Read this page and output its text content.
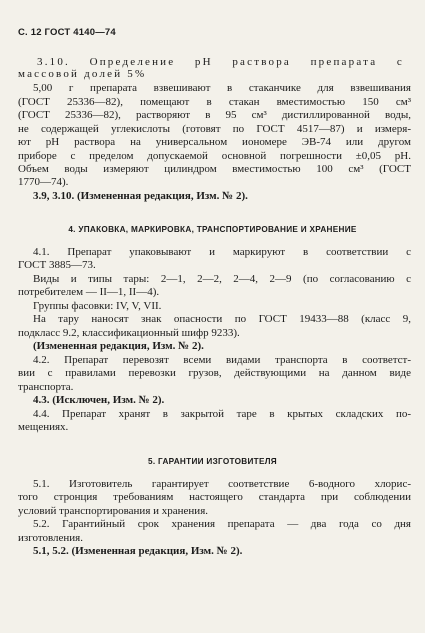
С. 12 ГОСТ 4140—74
3.10. Определение рН раствора препарата с
массовой долей 5%
5,00 г препарата взвешивают в стаканчике для взвешивания
(ГОСТ 25336—82), помещают в стакан вместимостью 150 см³
(ГОСТ 25336—82), растворяют в 95 см³ дистиллированной воды,
не содержащей углекислоты (готовят по ГОСТ 4517—87) и измеря-
ют рН раствора на универсальном иономере ЭВ-74 или другом
приборе с пределом допускаемой основной погрешности ±0,05 рН.
Объем воды измеряют цилиндром вместимостью 100 см³ (ГОСТ
1770—74).
3.9, 3.10. (Измененная редакция, Изм. № 2).
4. УПАКОВКА, МАРКИРОВКА, ТРАНСПОРТИРОВАНИЕ И ХРАНЕНИЕ
4.1. Препарат упаковывают и маркируют в соответствии с
ГОСТ 3885—73.
Виды и типы тары: 2—1, 2—2, 2—4, 2—9 (по согласованию с
потребителем — II—1, II—4).
Группы фасовки: IV, V, VII.
На тару наносят знак опасности по ГОСТ 19433—88 (класс 9,
подкласс 9.2, классификационный шифр 9233).
(Измененная редакция, Изм. № 2).
4.2. Препарат перевозят всеми видами транспорта в соответст-
вии с правилами перевозки грузов, действующими на данном виде
транспорта.
4.3. (Исключен, Изм. № 2).
4.4. Препарат хранят в закрытой таре в крытых складских по-
мещениях.
5. ГАРАНТИИ ИЗГОТОВИТЕЛЯ
5.1. Изготовитель гарантирует соответствие 6-водного хлорис-
того стронция требованиям настоящего стандарта при соблюдении
условий транспортирования и хранения.
5.2. Гарантийный срок хранения препарата — два года со дня
изготовления.
5.1, 5.2. (Измененная редакция, Изм. № 2).
